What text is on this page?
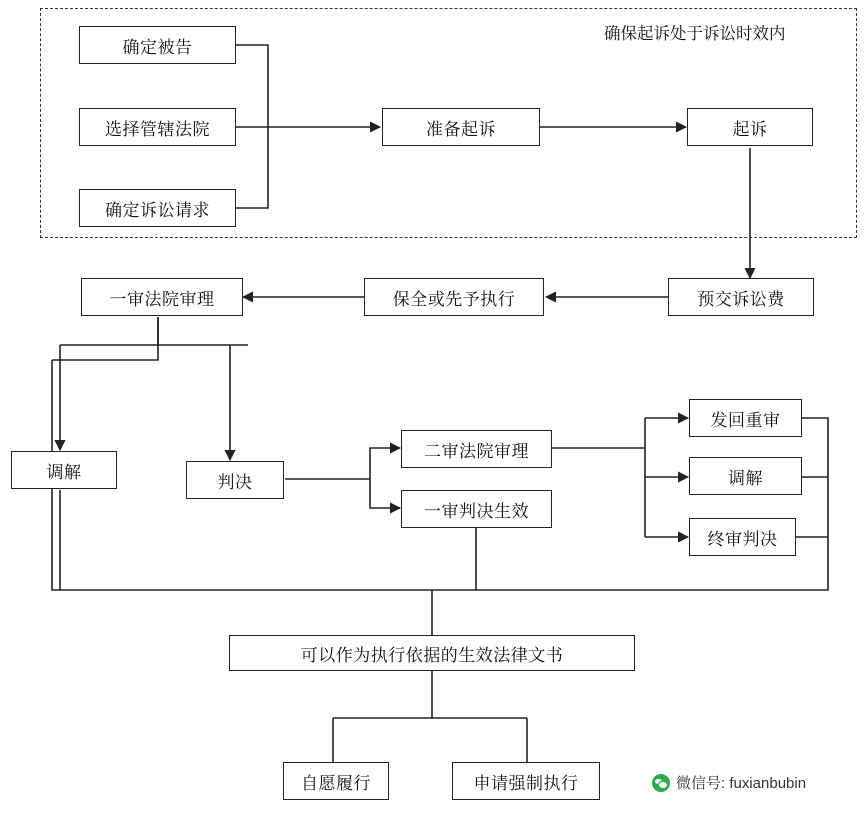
确保起诉处于诉讼时效内
确定被告
选择管辖法院
确定诉讼请求
准备起诉	起诉
预交诉讼费
保全或先予执行
一审法院审理
调解
判决
二审法院审理
一审判决生效
发回重审
调解
终审判决
可以作为执行依据的生效法律文书
自愿履行	申请强制执行	微信号: fuxianbubin
